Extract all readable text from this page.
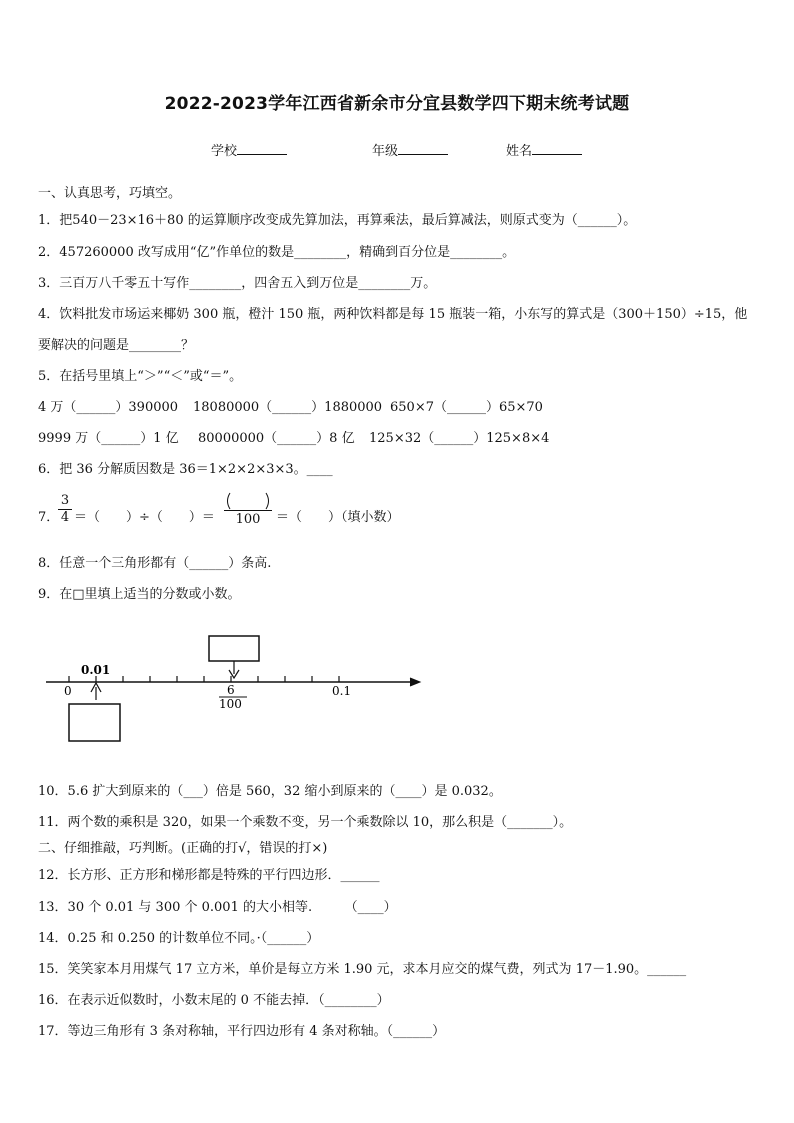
2022-2023学年江西省新余市分宜县数学四下期末统考试题
学校	年级	姓名
一、认真思考，巧填空。
1．把540－23×16＋80 的运算顺序改变成先算加法，再算乘法，最后算减法，则原式变为（______）。
2．457260000 改写成用“亿”作单位的数是________，精确到百分位是________。
3．三百万八千零五十写作________，四舍五入到万位是________万。
4．饮料批发市场运来椰奶 300 瓶，橙汁 150 瓶，两种饮料都是每 15 瓶装一箱，小东写的算式是（300＋150）÷15，他
要解决的问题是________？
5．在括号里填上“＞”“＜”或“＝”。
4 万（______）390000 18080000（______）1880000 650×7（______）65×70
9999 万（______）1 亿 80000000（______）8 亿 125×32（______）125×8×4
6．把 36 分解质因数是 36＝1×2×2×3×3。____
7．
$\frac{3}{4}$ ＝（　　）÷（　　）＝	100	＝（　　）（填小数）
8．任意一个三角形都有（______）条高.
9．在□里填上适当的分数或小数。
0
0.01
6
100
0.1
10．5.6 扩大到原来的（___）倍是 560，32 缩小到原来的（____）是 0.032。
11．两个数的乘积是 320，如果一个乘数不变，另一个乘数除以 10，那么积是（_______）。
二、仔细推敲，巧判断。(正确的打√，错误的打×)
12．长方形、正方形和梯形都是特殊的平行四边形．______
13．30 个 0.01 与 300 个 0.001 的大小相等.　　　（____）
14．0.25 和 0.250 的计数单位不同。·（______）
15．笑笑家本月用煤气 17 立方米，单价是每立方米 1.90 元，求本月应交的煤气费，列式为 17－1.90。______
16．在表示近似数时，小数末尾的 0 不能去掉．（________）
17．等边三角形有 3 条对称轴，平行四边形有 4 条对称轴。（______）
